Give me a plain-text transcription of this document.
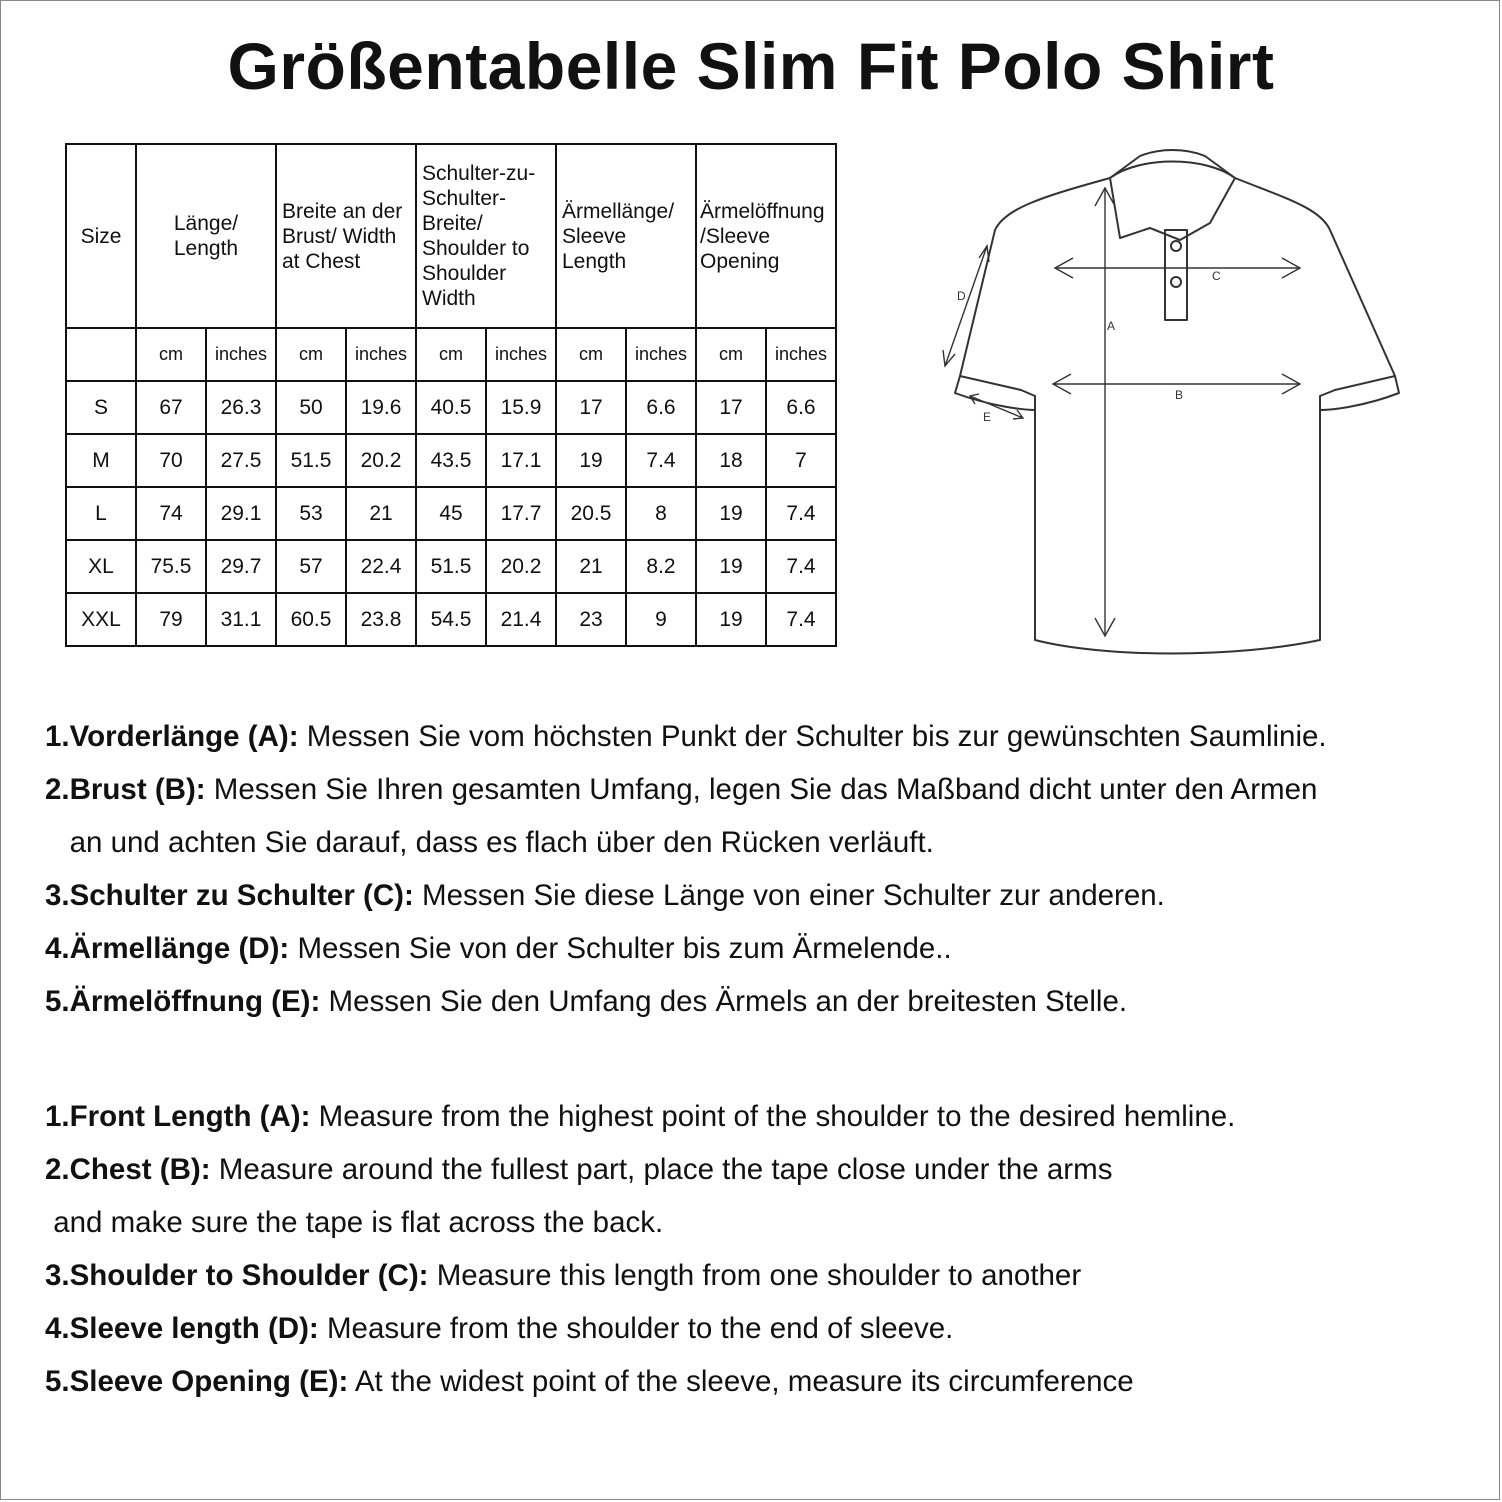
Größentabelle Slim Fit Polo Shirt
Size	Länge/ Length		Breite an der Brust/ Width at Chest		Schulter-zu-Schulter-Breite/ Shoulder to Shoulder Width		Ärmellänge/ Sleeve Length		Ärmelöffnung /Sleeve Opening	
	cm	inches	cm	inches	cm	inches	cm	inches	cm	inches
S	67	26.3	50	19.6	40.5	15.9	17	6.6	17	6.6
M	70	27.5	51.5	20.2	43.5	17.1	19	7.4	18	7
L	74	29.1	53	21	45	17.7	20.5	8	19	7.4
XL	75.5	29.7	57	22.4	51.5	20.2	21	8.2	19	7.4
XXL	79	31.1	60.5	23.8	54.5	21.4	23	9	19	7.4
A
B
C
D
E
1.Vorderlänge (A): Messen Sie vom höchsten Punkt der Schulter bis zur gewünschten Saumlinie.
2.Brust (B): Messen Sie Ihren gesamten Umfang, legen Sie das Maßband dicht unter den Armen
an und achten Sie darauf, dass es flach über den Rücken verläuft.
3.Schulter zu Schulter (C): Messen Sie diese Länge von einer Schulter zur anderen.
4.Ärmellänge (D): Messen Sie von der Schulter bis zum Ärmelende..
5.Ärmelöffnung (E): Messen Sie den Umfang des Ärmels an der breitesten Stelle.
1.Front Length (A): Measure from the highest point of the shoulder to the desired hemline.
2.Chest (B): Measure around the fullest part, place the tape close under the arms
and make sure the tape is flat across the back.
3.Shoulder to Shoulder (C): Measure this length from one shoulder to another
4.Sleeve length (D): Measure from the shoulder to the end of sleeve.
5.Sleeve Opening (E): At the widest point of the sleeve, measure its circumference
